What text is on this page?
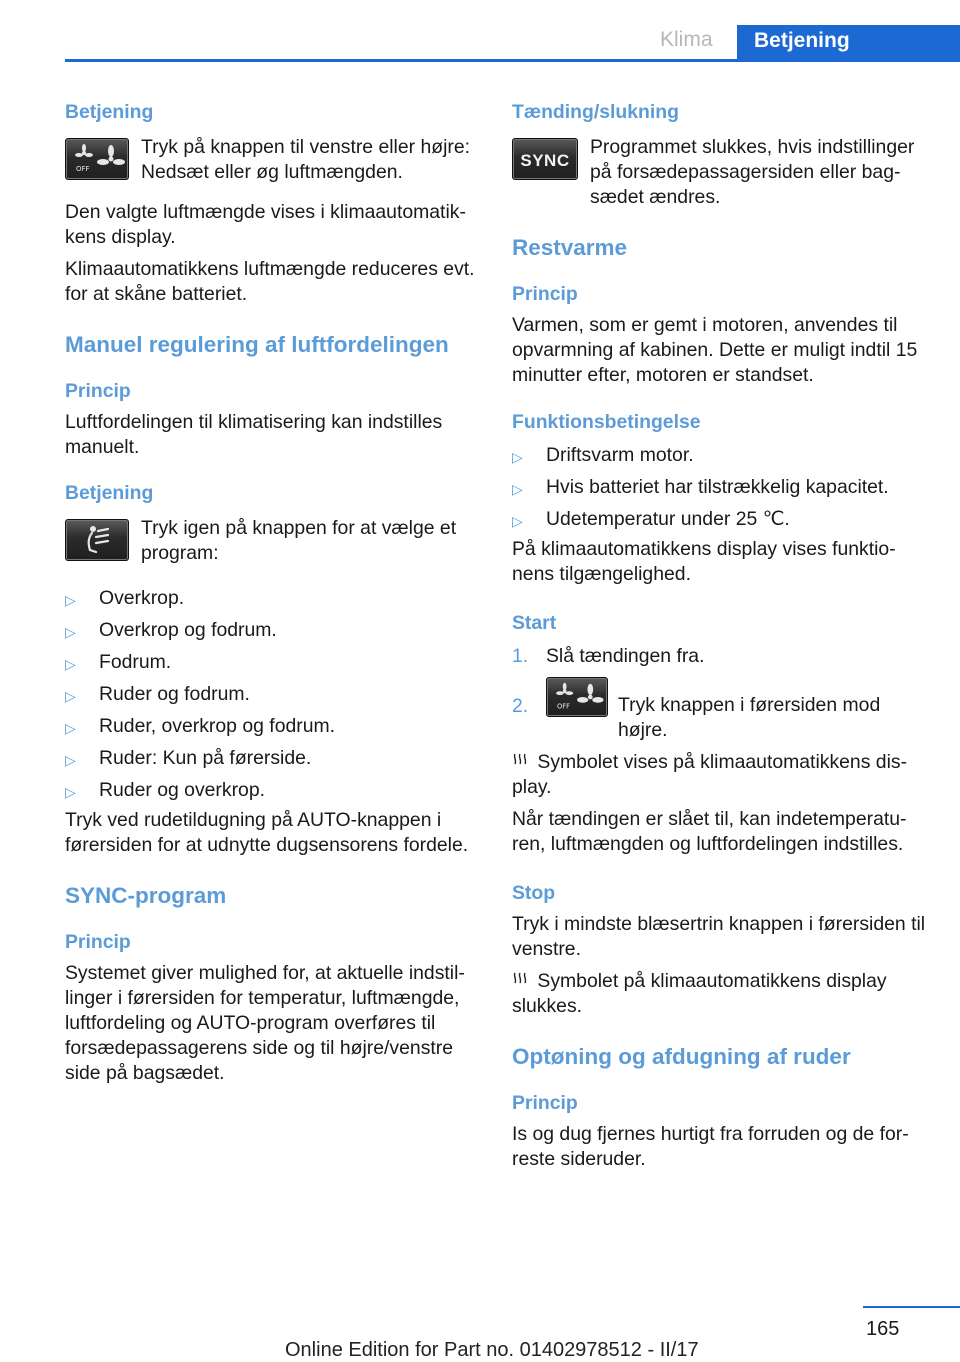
Klima	Betjening
Betjening
OFF

Tryk på knappen til venstre eller højre: Nedsæt eller øg luftmængden.

Den valgte luftmængde vises i klimaautomatikkens display.

Klimaautomatikkens luftmængde reduceres evt. for at skåne batteriet.

Manuel regulering af luftfordelingen
Princip

Luftfordelingen til klimatisering kan indstilles manuelt.

Betjening

Tryk igen på knappen for at vælge et program:

▷	Overkrop.
▷	Overkrop og fodrum.
▷	Fodrum.
▷	Ruder og fodrum.
▷	Ruder, overkrop og fodrum.
▷	Ruder: Kun på førerside.
▷	Ruder og overkrop.

Tryk ved rudetildugning på AUTO-knappen i førersiden for at udnytte dugsensorens fordele.

SYNC-program
Princip

Systemet giver mulighed for, at aktuelle indstillinger i førersiden for temperatur, luftmængde, luftfordeling og AUTO-program overføres til forsædepassagerens side og til højre/venstre side på bagsædet.

Tænding/slukning
SYNC

Programmet slukkes, hvis indstillinger på forsædepassagersiden eller bagsædet ændres.

Restvarme
Princip

Varmen, som er gemt i motoren, anvendes til opvarmning af kabinen. Dette er muligt indtil 15 minutter efter, motoren er standset.

Funktionsbetingelse
▷	Driftsvarm motor.
▷	Hvis batteriet har tilstrækkelig kapacitet.
▷	Udetemperatur under 25 ℃.

På klimaautomatikkens display vises funktionens tilgængelighed.

Start
1. Slå tændingen fra.
2.	OFF Tryk knappen i førersiden mod højre.

Symbolet vises på klimaautomatikkens display.

Når tændingen er slået til, kan indetemperaturen, luftmængden og luftfordelingen indstilles.

Stop

Tryk i mindste blæsertrin knappen i førersiden til venstre.

Symbolet på klimaautomatikkens display slukkes.

Optøning og afdugning af ruder
Princip

Is og dug fjernes hurtigt fra forruden og de forreste sideruder.

165
Online Edition for Part no. 01402978512 - II/17
